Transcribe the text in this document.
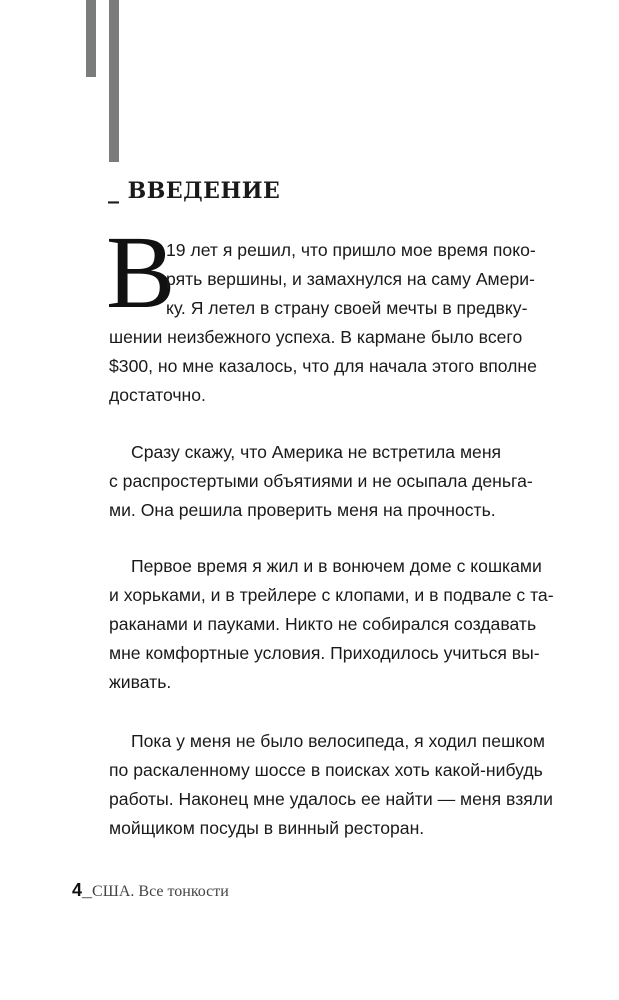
_ ВВЕДЕНИЕ
В
19 лет я решил, что пришло мое время поко-
рять вершины, и замахнулся на саму Амери-
ку. Я летел в страну своей мечты в предвку-
шении неизбежного успеха. В кармане было всего
$300, но мне казалось, что для начала этого вполне
достаточно.
Сразу скажу, что Америка не встретила меня
с распростертыми объятиями и не осыпала деньга-
ми. Она решила проверить меня на прочность.
Первое время я жил и в вонючем доме с кошками
и хорьками, и в трейлере с клопами, и в подвале с та-
раканами и пауками. Никто не собирался создавать
мне комфортные условия. Приходилось учиться вы-
живать.
Пока у меня не было велосипеда, я ходил пешком
по раскаленному шоссе в поисках хоть какой-нибудь
работы. Наконец мне удалось ее найти — меня взяли
мойщиком посуды в винный ресторан.
4_США. Все тонкости
